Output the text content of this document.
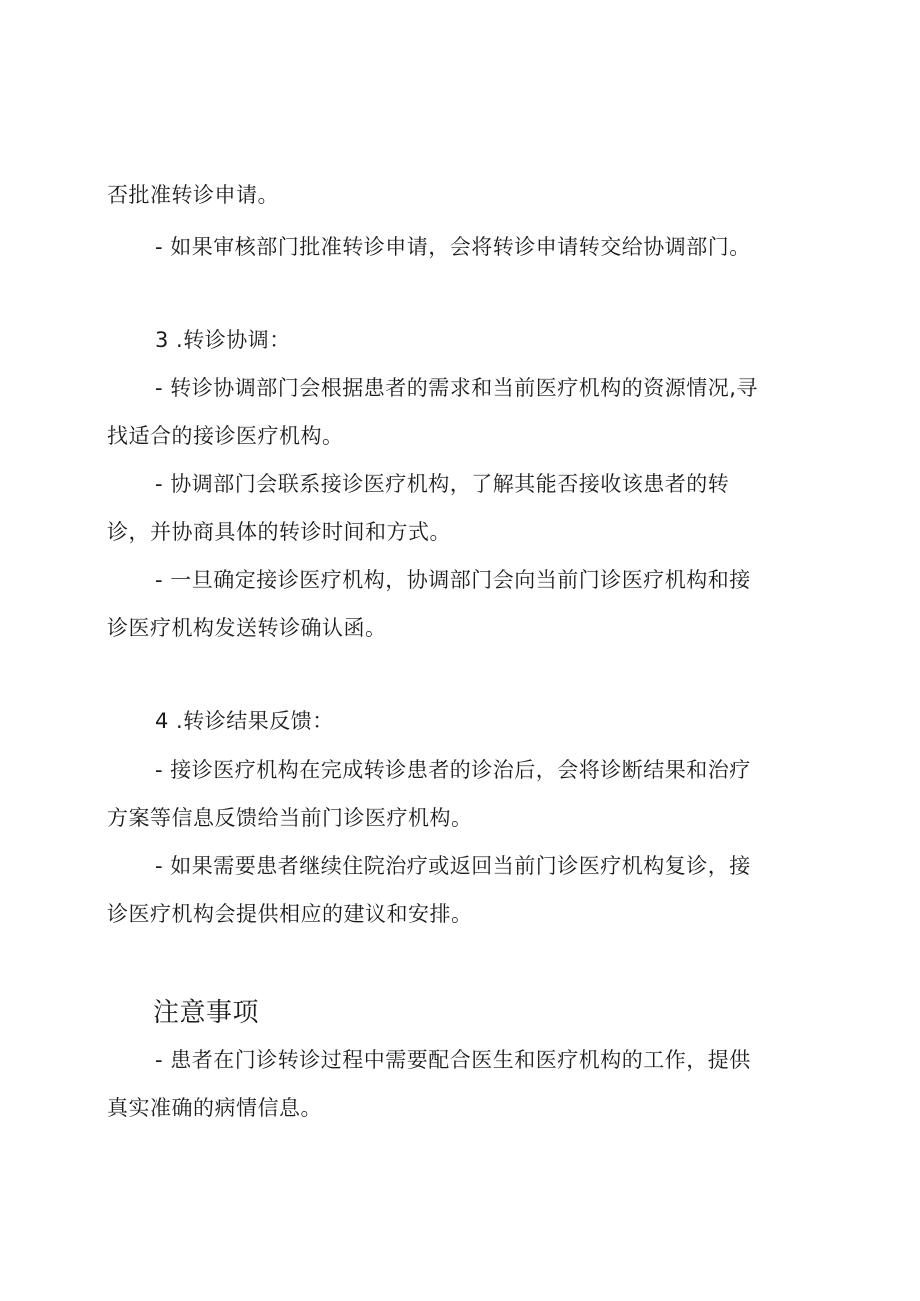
否批准转诊申请。
- 如果审核部门批准转诊申请，会将转诊申请转交给协调部门。
3 .转诊协调：
- 转诊协调部门会根据患者的需求和当前医疗机构的资源情况,寻
找适合的接诊医疗机构。
- 协调部门会联系接诊医疗机构，了解其能否接收该患者的转
诊，并协商具体的转诊时间和方式。
- 一旦确定接诊医疗机构，协调部门会向当前门诊医疗机构和接
诊医疗机构发送转诊确认函。
4 .转诊结果反馈：
- 接诊医疗机构在完成转诊患者的诊治后，会将诊断结果和治疗
方案等信息反馈给当前门诊医疗机构。
- 如果需要患者继续住院治疗或返回当前门诊医疗机构复诊，接
诊医疗机构会提供相应的建议和安排。
注意事项
- 患者在门诊转诊过程中需要配合医生和医疗机构的工作，提供
真实准确的病情信息。
